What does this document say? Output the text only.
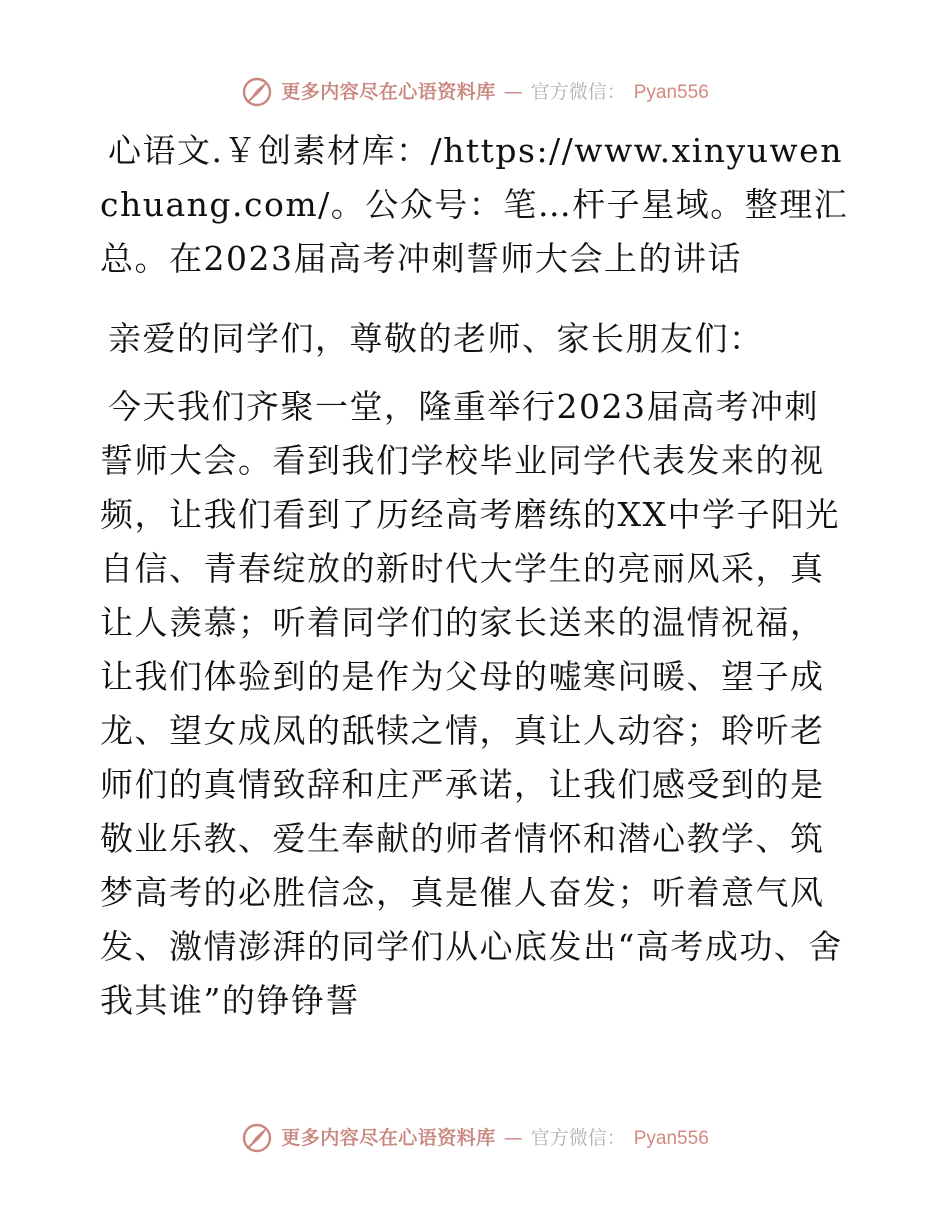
更多内容尽在心语资料库 — 官方微信： Pyan556

心语文.￥创素材库：/https://www.xinyuwenchuang.com/。公众号：笔…杆子星域。整理汇总。在2023届高考冲刺誓师大会上的讲话

亲爱的同学们，尊敬的老师、家长朋友们：

今天我们齐聚一堂，隆重举行2023届高考冲刺誓师大会。看到我们学校毕业同学代表发来的视频，让我们看到了历经高考磨练的XX中学子阳光自信、青春绽放的新时代大学生的亮丽风采，真让人羡慕；听着同学们的家长送来的温情祝福，让我们体验到的是作为父母的嘘寒问暖、望子成龙、望女成凤的舐犊之情，真让人动容；聆听老师们的真情致辞和庄严承诺，让我们感受到的是敬业乐教、爱生奉献的师者情怀和潜心教学、筑梦高考的必胜信念，真是催人奋发；听着意气风发、激情澎湃的同学们从心底发出“高考成功、舍我其谁”的铮铮誓

更多内容尽在心语资料库 — 官方微信： Pyan556
